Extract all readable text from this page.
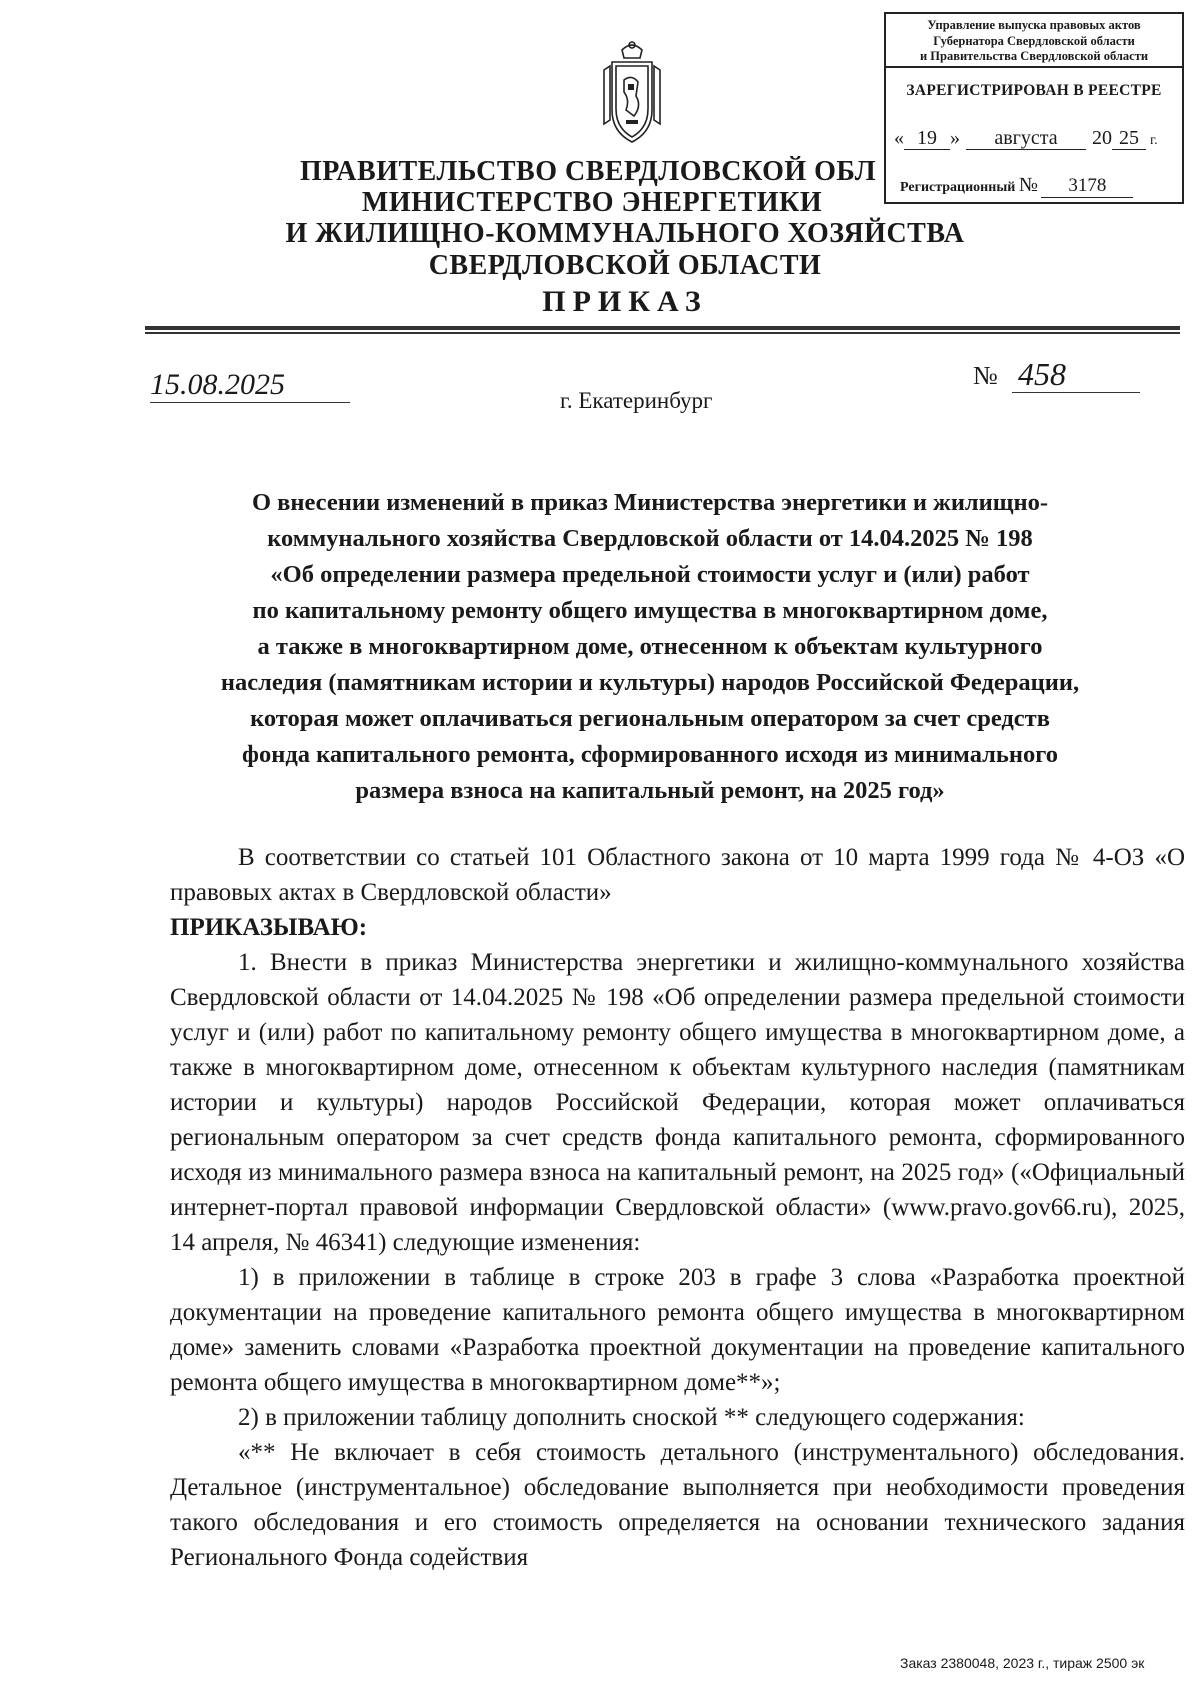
Управление выпуска правовых актов
Губернатора Свердловской области
и Правительства Свердловской области
ЗАРЕГИСТРИРОВАН В РЕЕСТРЕ
« 19 » августа 20 25 г.
Регистрационный № 3178
ПРАВИТЕЛЬСТВО СВЕРДЛОВСКОЙ ОБЛ
МИНИСТЕРСТВО ЭНЕРГЕТИКИ
И ЖИЛИЩНО-КОММУНАЛЬНОГО ХОЗЯЙСТВА
СВЕРДЛОВСКОЙ ОБЛАСТИ
ПРИКАЗ
15.08.2025	г. Екатеринбург
№ 458
О внесении изменений в приказ Министерства энергетики и жилищно-
коммунального хозяйства Свердловской области от 14.04.2025 № 198
«Об определении размера предельной стоимости услуг и (или) работ
по капитальному ремонту общего имущества в многоквартирном доме,
а также в многоквартирном доме, отнесенном к объектам культурного
наследия (памятникам истории и культуры) народов Российской Федерации,
которая может оплачиваться региональным оператором за счет средств
фонда капитального ремонта, сформированного исходя из минимального
размера взноса на капитальный ремонт, на 2025 год»

В соответствии со статьей 101 Областного закона от 10 марта 1999 года № 4-ОЗ «О правовых актах в Свердловской области»

ПРИКАЗЫВАЮ:

1. Внести в приказ Министерства энергетики и жилищно-коммунального хозяйства Свердловской области от 14.04.2025 № 198 «Об определении размера предельной стоимости услуг и (или) работ по капитальному ремонту общего имущества в многоквартирном доме, а также в многоквартирном доме, отнесенном к объектам культурного наследия (памятникам истории и культуры) народов Российской Федерации, которая может оплачиваться региональным оператором за счет средств фонда капитального ремонта, сформированного исходя из минимального размера взноса на капитальный ремонт, на 2025 год» («Официальный интернет-портал правовой информации Свердловской области» (www.pravo.gov66.ru), 2025, 14 апреля, № 46341) следующие изменения:

1) в приложении в таблице в строке 203 в графе 3 слова «Разработка проектной документации на проведение капитального ремонта общего имущества в многоквартирном доме» заменить словами «Разработка проектной документации на проведение капитального ремонта общего имущества в многоквартирном доме**»;

2) в приложении таблицу дополнить сноской ** следующего содержания:

«** Не включает в себя стоимость детального (инструментального) обследования. Детальное (инструментальное) обследование выполняется при необходимости проведения такого обследования и его стоимость определяется на основании технического задания Регионального Фонда содействия

Заказ 2380048, 2023 г., тираж 2500 эк
